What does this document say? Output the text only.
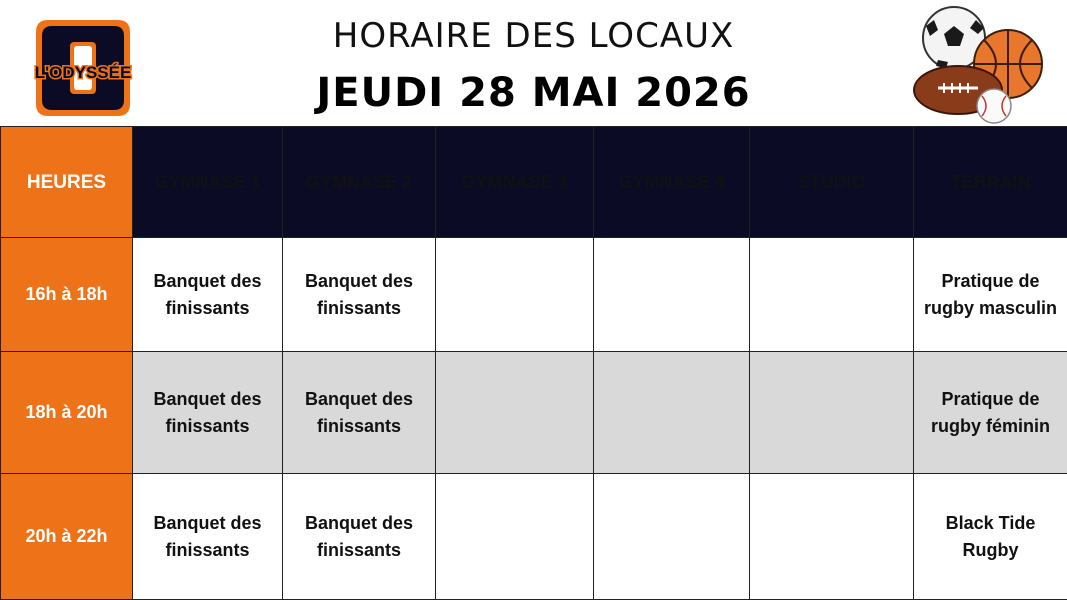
L'ODYSSÉE
HORAIRE DES LOCAUX
JEUDI 28 MAI 2026
HEURES	GYMNASE 1	GYMNASE 2	GYMNASE 3	GYMNASE 4	STUDIO	TERRAIN
16h à 18h	Banquet des finissants	Banquet des finissants				Pratique de rugby masculin
18h à 20h	Banquet des finissants	Banquet des finissants				Pratique de rugby féminin
20h à 22h	Banquet des finissants	Banquet des finissants				Black Tide Rugby
